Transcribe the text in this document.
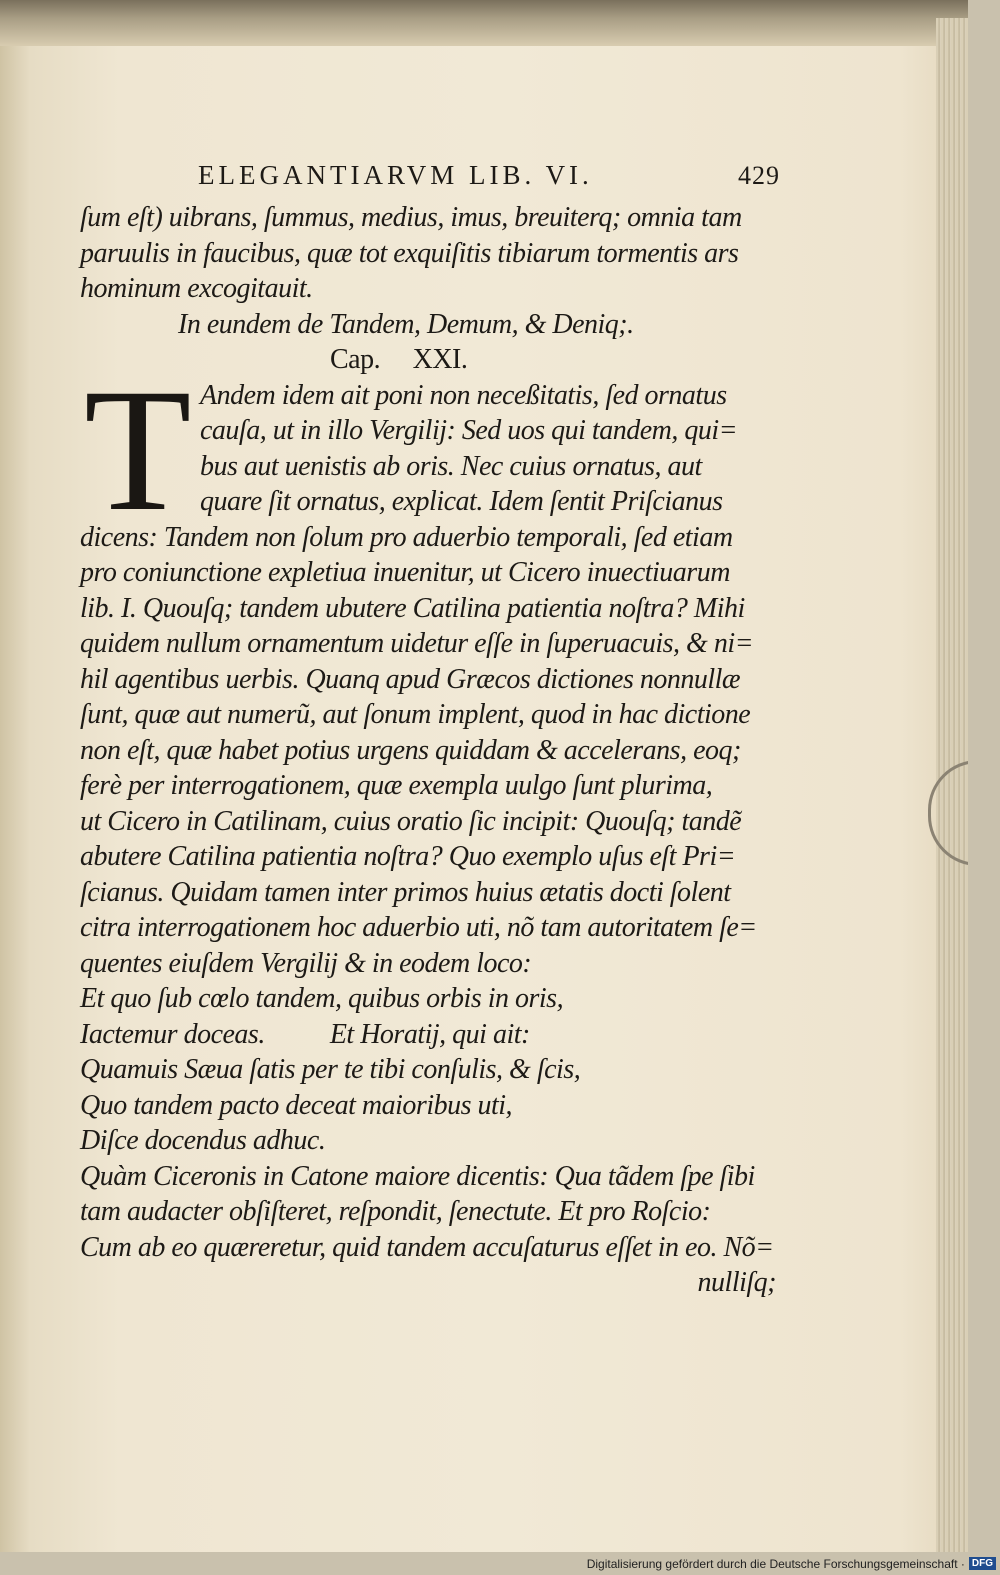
ELEGANTIARVM LIB. VI.	429
ſum eſt) uibrans, ſummus, medius, imus, breuiterq; omnia tam
paruulis in faucibus, quæ tot exquiſitis tibiarum tormentis ars
hominum excogitauit.
In eundem de Tandem, Demum, & Deniq;.
Cap.     XXI.
T Andem idem ait poni non neceßitatis, ſed ornatus
cauſa, ut in illo Vergilij: Sed uos qui tandem, qui=
bus aut uenistis ab oris. Nec cuius ornatus, aut
quare ſit ornatus, explicat. Idem ſentit Priſcianus
dicens: Tandem non ſolum pro aduerbio temporali, ſed etiam
pro coniunctione expletiua inuenitur, ut Cicero inuectiuarum
lib. I. Quouſq; tandem ubutere Catilina patientia noſtra? Mihi
quidem nullum ornamentum uidetur eſſe in ſuperuacuis, & ni=
hil agentibus uerbis. Quanq apud Græcos dictiones nonnullæ
ſunt, quæ aut numerũ, aut ſonum implent, quod in hac dictione
non eſt, quæ habet potius urgens quiddam & accelerans, eoq;
ferè per interrogationem, quæ exempla uulgo ſunt plurima,
ut Cicero in Catilinam, cuius oratio ſic incipit: Quouſq; tandẽ
abutere Catilina patientia noſtra? Quo exemplo uſus eſt Pri=
ſcianus. Quidam tamen inter primos huius ætatis docti ſolent
citra interrogationem hoc aduerbio uti, nõ tam autoritatem ſe=
quentes eiuſdem Vergilij & in eodem loco:
Et quo ſub cœlo tandem, quibus orbis in oris,
Iactemur doceas.          Et Horatij, qui ait:
Quamuis Sæua ſatis per te tibi conſulis, & ſcis,
Quo tandem pacto deceat maioribus uti,
Diſce docendus adhuc.
Quàm Ciceronis in Catone maiore dicentis: Qua tãdem ſpe ſibi
tam audacter obſiſteret, reſpondit, ſenectute. Et pro Roſcio:
Cum ab eo quæreretur, quid tandem accuſaturus eſſet in eo. Nõ=
nulliſq;
Digitalisierung gefördert durch die Deutsche Forschungsgemeinschaft · DFG
